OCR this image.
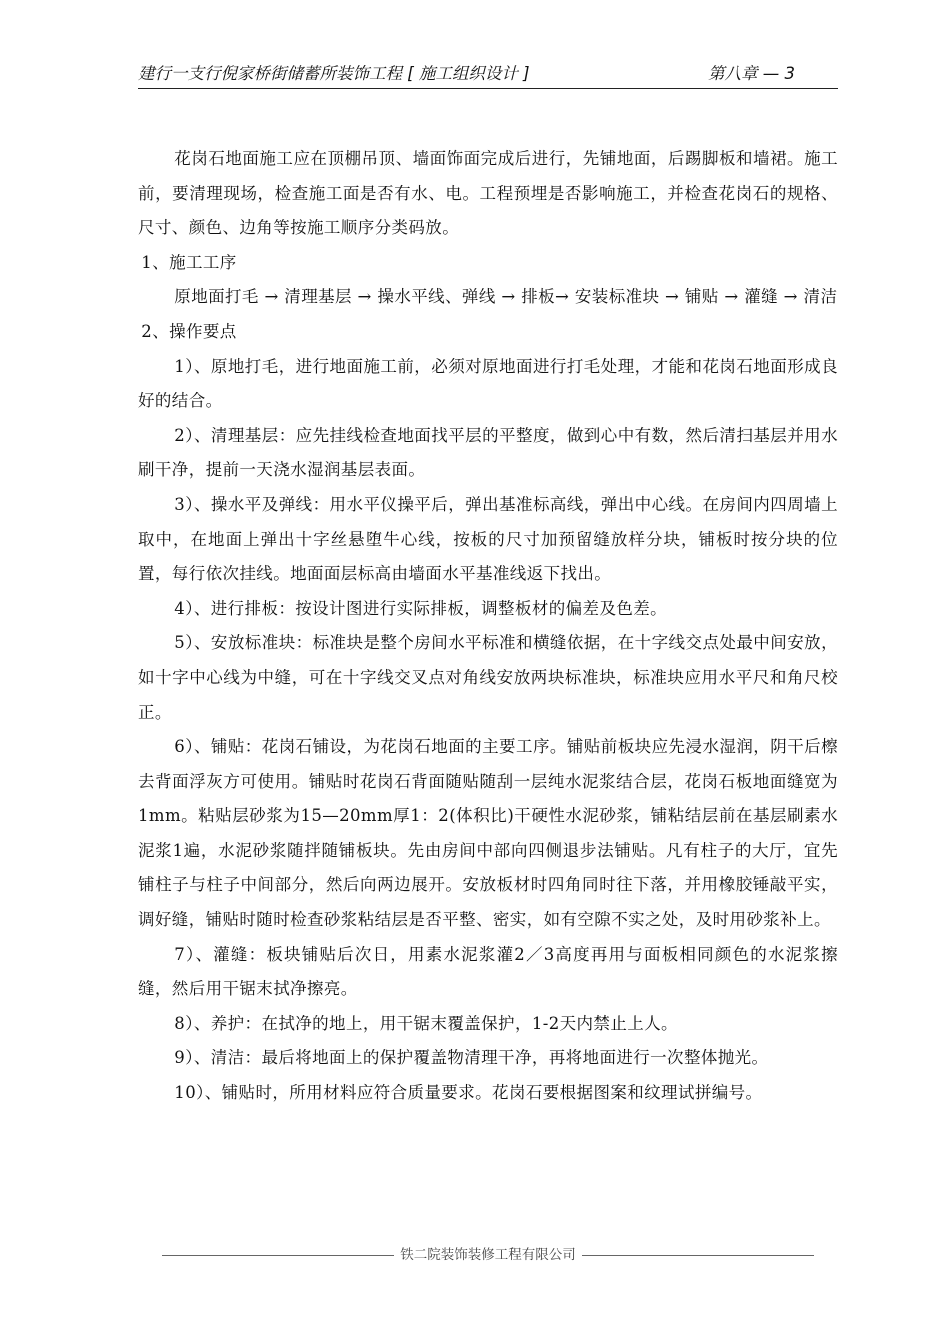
建行一支行倪家桥街储蓄所装饰工程 [ 施工组织设计 ]	第八章 — 3

花岗石地面施工应在顶棚吊顶、墙面饰面完成后进行，先铺地面，后踢脚板和墙裙。施工前，要清理现场，检查施工面是否有水、电。工程预埋是否影响施工，并检查花岗石的规格、尺寸、颜色、边角等按施工顺序分类码放。

1、施工工序

原地面打毛 → 清理基层 → 操水平线、弹线 → 排板→ 安装标准块 → 铺贴 → 灌缝 → 清洁

2、操作要点

1）、原地打毛，进行地面施工前，必须对原地面进行打毛处理，才能和花岗石地面形成良好的结合。

2）、清理基层：应先挂线检查地面找平层的平整度，做到心中有数，然后清扫基层并用水刷干净，提前一天浇水湿润基层表面。

3）、操水平及弹线：用水平仪操平后，弹出基准标高线，弹出中心线。在房间内四周墙上取中，在地面上弹出十字丝悬堕牛心线，按板的尺寸加预留缝放样分块，铺板时按分块的位置，每行依次挂线。地面面层标高由墙面水平基准线返下找出。

4）、进行排板：按设计图进行实际排板，调整板材的偏差及色差。

5）、安放标准块：标准块是整个房间水平标准和横缝依据，在十字线交点处最中间安放，如十字中心线为中缝，可在十字线交叉点对角线安放两块标准块，标准块应用水平尺和角尺校正。

6）、铺贴：花岗石铺设，为花岗石地面的主要工序。铺贴前板块应先浸水湿润，阴干后檫去背面浮灰方可使用。铺贴时花岗石背面随贴随刮一层纯水泥浆结合层，花岗石板地面缝宽为1mm。粘贴层砂浆为15—20mm厚1：2(体积比)干硬性水泥砂浆，铺粘结层前在基层刷素水泥浆1遍，水泥砂浆随拌随铺板块。先由房间中部向四侧退步法铺贴。凡有柱子的大厅，宜先铺柱子与柱子中间部分，然后向两边展开。安放板材时四角同时往下落，并用橡胶锤敲平实，调好缝，铺贴时随时检查砂浆粘结层是否平整、密实，如有空隙不实之处，及时用砂浆补上。

7）、灌缝：板块铺贴后次日，用素水泥浆灌2／3高度再用与面板相同颜色的水泥浆擦缝，然后用干锯末拭净擦亮。

8）、养护：在拭净的地上，用干锯末覆盖保护，1-2天内禁止上人。

9）、清洁：最后将地面上的保护覆盖物清理干净，再将地面进行一次整体抛光。

10）、铺贴时，所用材料应符合质量要求。花岗石要根据图案和纹理试拼编号。

铁二院装饰装修工程有限公司
